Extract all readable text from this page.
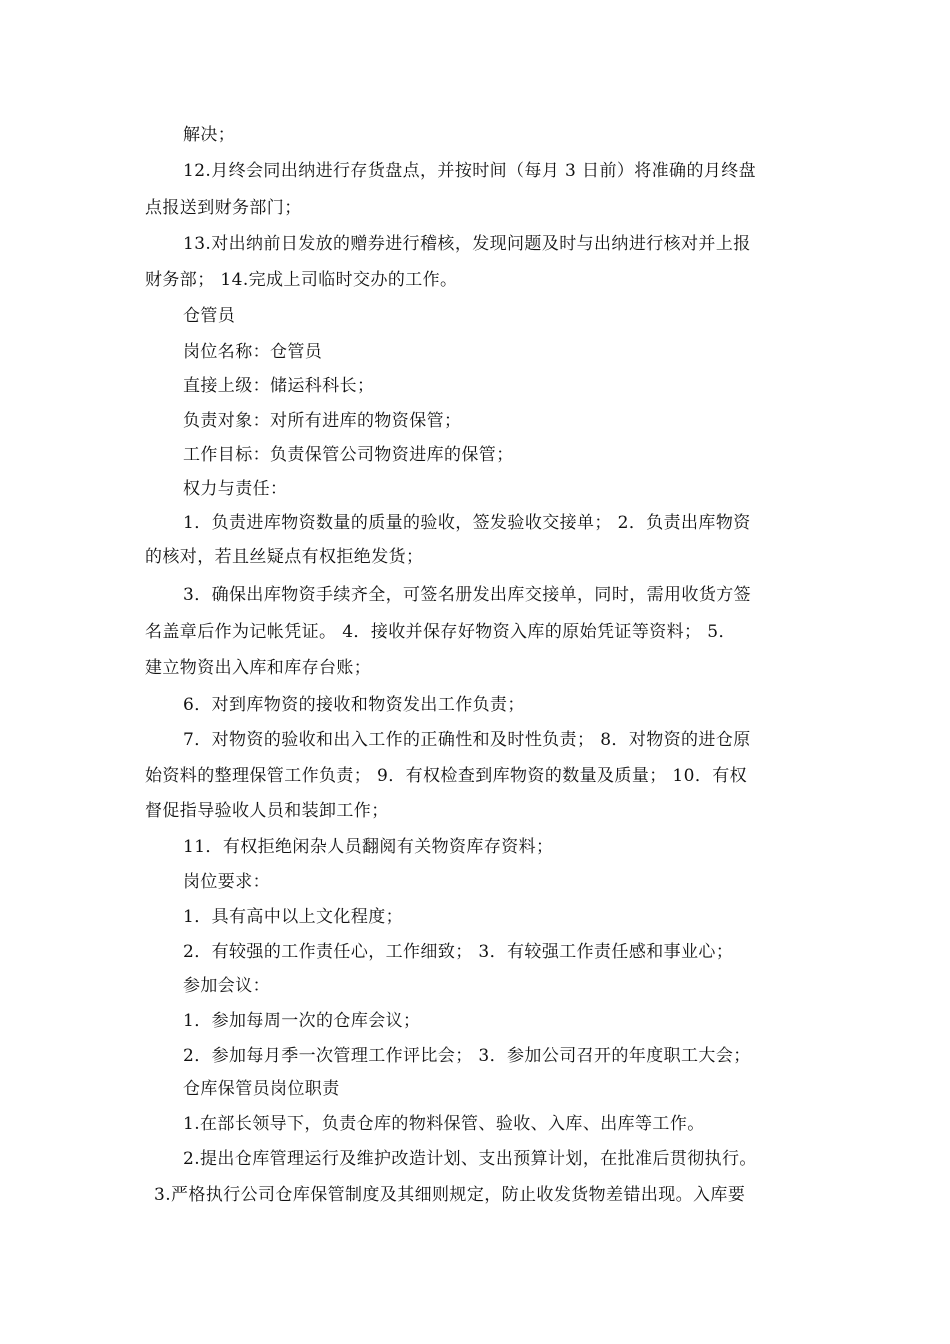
解决；

12.月终会同出纳进行存货盘点，并按时间（每月 3 日前）将准确的月终盘

点报送到财务部门；

13.对出纳前日发放的赠券进行稽核，发现问题及时与出纳进行核对并上报

财务部； 14.完成上司临时交办的工作。

仓管员

岗位名称：仓管员

直接上级：储运科科长；

负责对象：对所有进库的物资保管；

工作目标：负责保管公司物资进库的保管；

权力与责任：

1．负责进库物资数量的质量的验收，签发验收交接单； 2．负责出库物资

的核对，若且丝疑点有权拒绝发货；

3．确保出库物资手续齐全，可签名册发出库交接单，同时，需用收货方签

名盖章后作为记帐凭证。 4．接收并保存好物资入库的原始凭证等资料； 5．

建立物资出入库和库存台账；

6．对到库物资的接收和物资发出工作负责；

7．对物资的验收和出入工作的正确性和及时性负责； 8．对物资的进仓原

始资料的整理保管工作负责； 9．有权检查到库物资的数量及质量； 10．有权

督促指导验收人员和装卸工作；

11．有权拒绝闲杂人员翻阅有关物资库存资料；

岗位要求：

1．具有高中以上文化程度；

2．有较强的工作责任心，工作细致； 3．有较强工作责任感和事业心；

参加会议：

1．参加每周一次的仓库会议；

2．参加每月季一次管理工作评比会； 3．参加公司召开的年度职工大会；

仓库保管员岗位职责

1.在部长领导下，负责仓库的物料保管、验收、入库、出库等工作。

2.提出仓库管理运行及维护改造计划、支出预算计划，在批准后贯彻执行。

3.严格执行公司仓库保管制度及其细则规定，防止收发货物差错出现。入库要
